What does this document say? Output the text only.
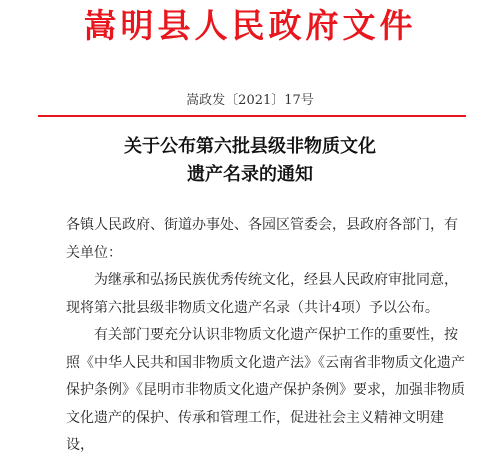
嵩明县人民政府文件
嵩政发〔2021〕17号
关于公布第六批县级非物质文化
遗产名录的通知

各镇人民政府、街道办事处、各园区管委会，县政府各部门，有关单位：

为继承和弘扬民族优秀传统文化，经县人民政府审批同意，现将第六批县级非物质文化遗产名录（共计4项）予以公布。

有关部门要充分认识非物质文化遗产保护工作的重要性，按照《中华人民共和国非物质文化遗产法》《云南省非物质文化遗产保护条例》《昆明市非物质文化遗产保护条例》要求，加强非物质文化遗产的保护、传承和管理工作，促进社会主义精神文明建设，
